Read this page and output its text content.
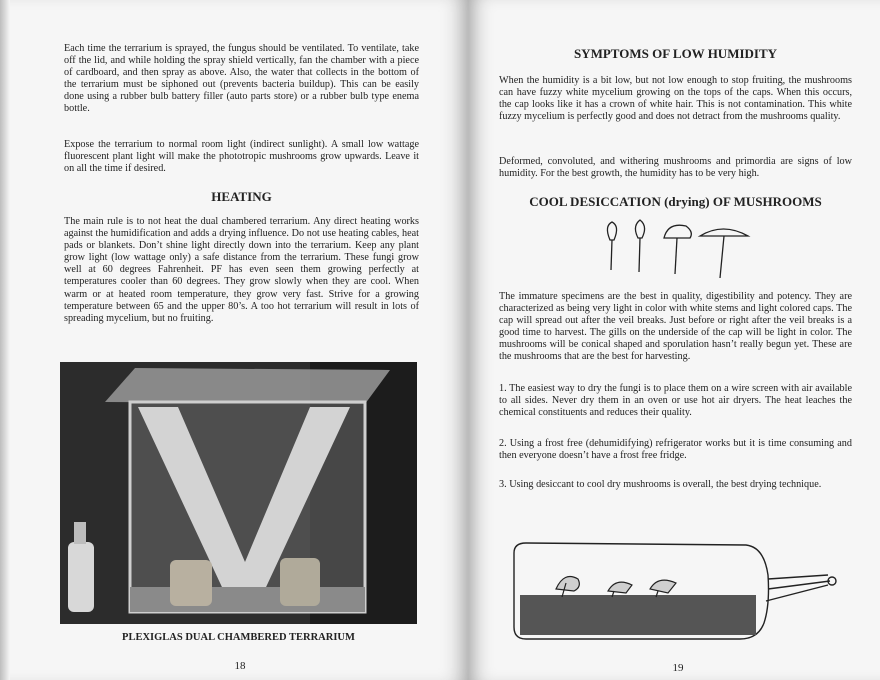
Each time the terrarium is sprayed, the fungus should be ventilated. To ventilate, take off the lid, and while holding the spray shield vertically, fan the chamber with a piece of cardboard, and then spray as above. Also, the water that collects in the bottom of the terrarium must be siphoned out (prevents bacteria buildup). This can be easily done using a rubber bulb battery filler (auto parts store) or a rubber bulb type enema bottle.

Expose the terrarium to normal room light (indirect sunlight). A small low wattage fluorescent plant light will make the phototropic mushrooms grow upwards. Leave it on all the time if desired.

HEATING

The main rule is to not heat the dual chambered terrarium. Any direct heating works against the humidification and adds a drying influence. Do not use heating cables, heat pads or blankets. Don’t shine light directly down into the terrarium. Keep any plant grow light (low wattage only) a safe distance from the terrarium. These fungi grow well at 60 degrees Fahrenheit. PF has even seen them growing perfectly at temperatures cooler than 60 degrees. They grow slowly when they are cool. When warm or at heated room temperature, they grow very fast. Strive for a growing temperature between 65 and the upper 80’s. A too hot terrarium will result in lots of spreading mycelium, but no fruiting.

PLEXIGLAS DUAL CHAMBERED TERRARIUM
18
SYMPTOMS OF LOW HUMIDITY

When the humidity is a bit low, but not low enough to stop fruiting, the mushrooms can have fuzzy white mycelium growing on the tops of the caps. When this occurs, the cap looks like it has a crown of white hair. This is not contamination. This white fuzzy mycelium is perfectly good and does not detract from the mushrooms quality.

Deformed, convoluted, and withering mushrooms and primordia are signs of low humidity. For the best growth, the humidity has to be very high.

COOL DESICCATION (drying) OF MUSHROOMS

The immature specimens are the best in quality, digestibility and potency. They are characterized as being very light in color with white stems and light colored caps. The cap will spread out after the veil breaks. Just before or right after the veil breaks is a good time to harvest. The gills on the underside of the cap will be light in color. The mushrooms will be conical shaped and sporulation hasn’t really begun yet. These are the mushrooms that are the best for harvesting.

1. The easiest way to dry the fungi is to place them on a wire screen with air available to all sides. Never dry them in an oven or use hot air dryers. The heat leaches the chemical constituents and reduces their quality.

2. Using a frost free (dehumidifying) refrigerator works but it is time consuming and then everyone doesn’t have a frost free fridge.

3. Using desiccant to cool dry mushrooms is overall, the best drying technique.

19
